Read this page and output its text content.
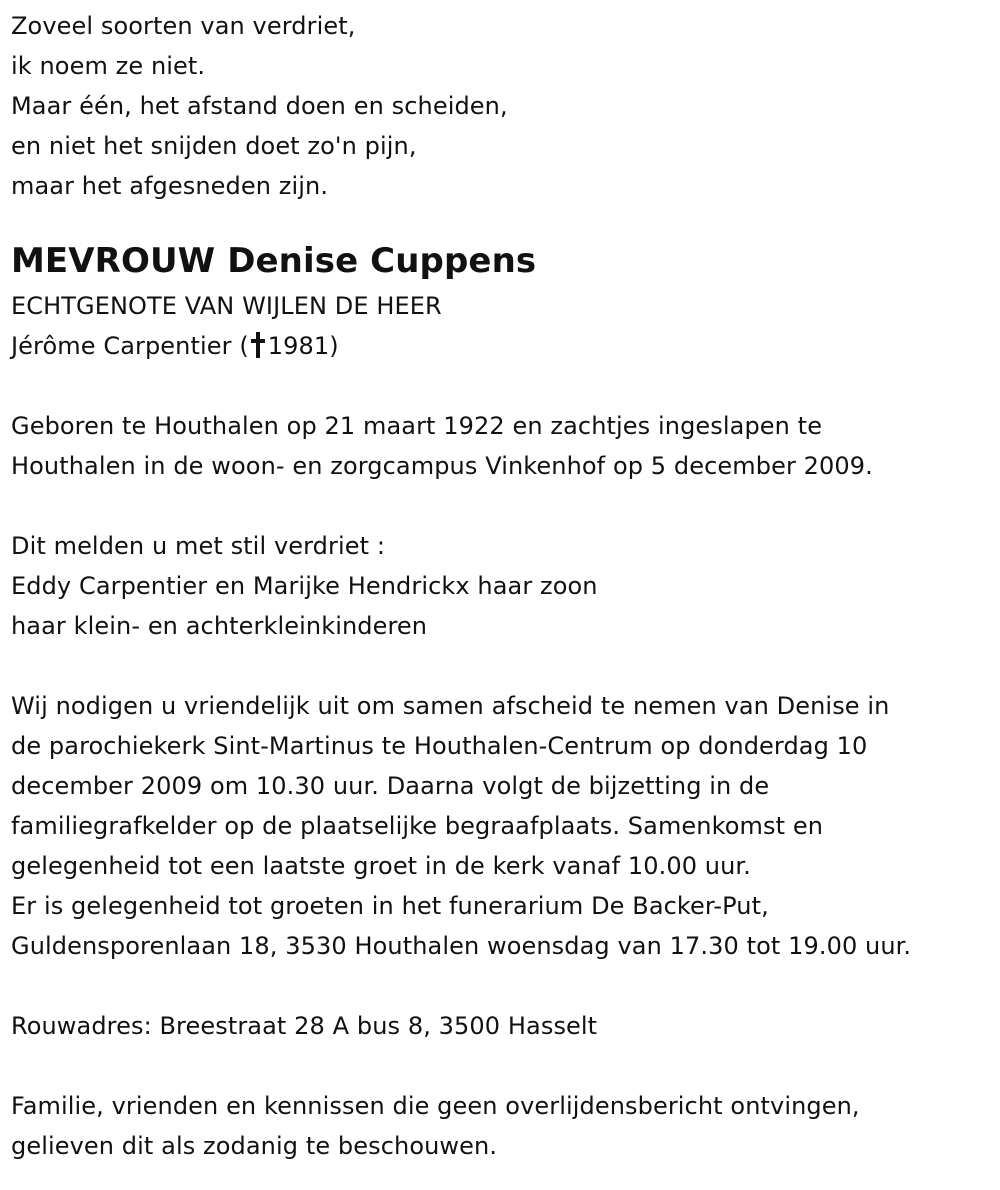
Zoveel soorten van verdriet,
ik noem ze niet.
Maar één, het afstand doen en scheiden,
en niet het snijden doet zo'n pijn,
maar het afgesneden zijn.
MEVROUW Denise Cuppens
ECHTGENOTE VAN WIJLEN DE HEER
Jérôme Carpentier ( 1981)
Geboren te Houthalen op 21 maart 1922 en zachtjes ingeslapen te
Houthalen in de woon- en zorgcampus Vinkenhof op 5 december 2009.
Dit melden u met stil verdriet :
Eddy Carpentier en Marijke Hendrickx haar zoon
haar klein- en achterkleinkinderen
Wij nodigen u vriendelijk uit om samen afscheid te nemen van Denise in
de parochiekerk Sint-Martinus te Houthalen-Centrum op donderdag 10
december 2009 om 10.30 uur. Daarna volgt de bijzetting in de
familiegrafkelder op de plaatselijke begraafplaats. Samenkomst en
gelegenheid tot een laatste groet in de kerk vanaf 10.00 uur.
Er is gelegenheid tot groeten in het funerarium De Backer-Put,
Guldensporenlaan 18, 3530 Houthalen woensdag van 17.30 tot 19.00 uur.
Rouwadres: Breestraat 28 A bus 8, 3500 Hasselt
Familie, vrienden en kennissen die geen overlijdensbericht ontvingen,
gelieven dit als zodanig te beschouwen.
